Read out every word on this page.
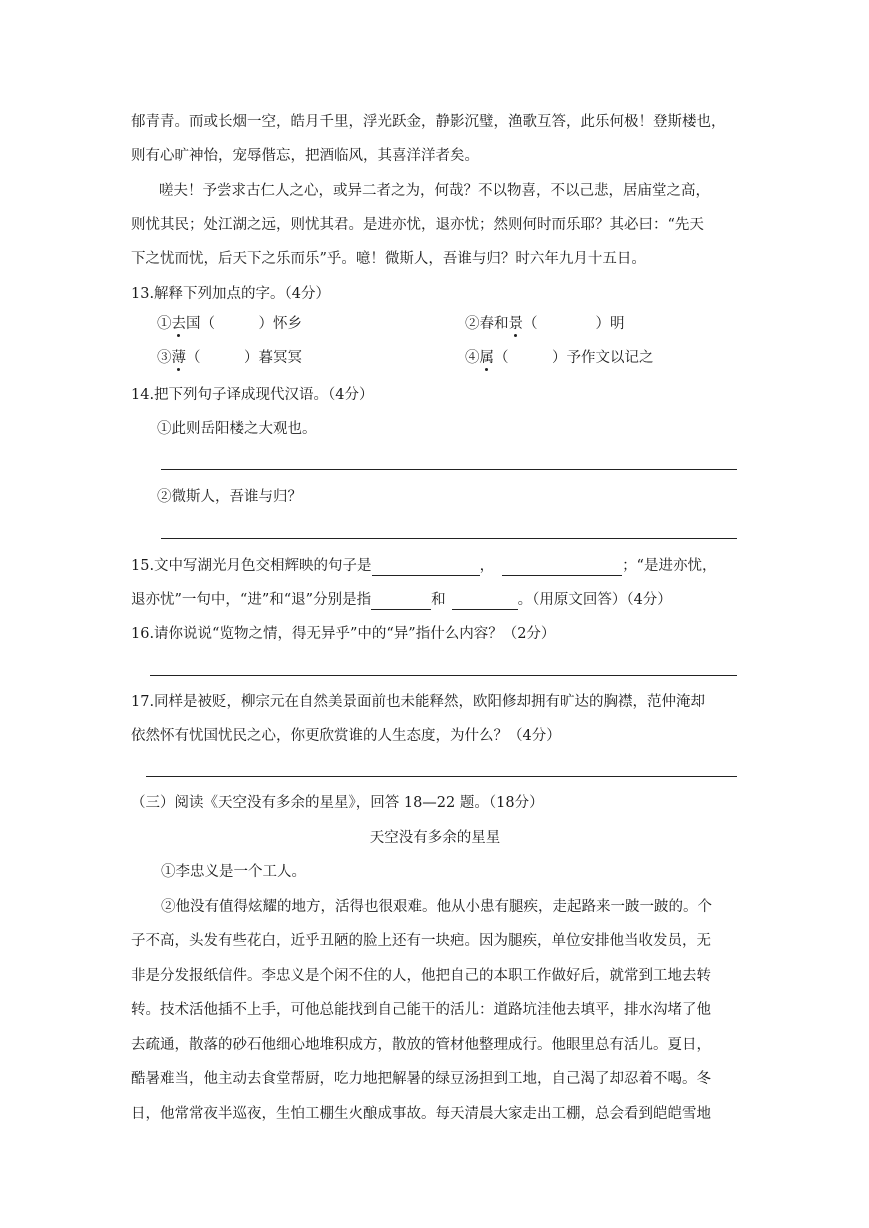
郁青青。而或长烟一空，皓月千里，浮光跃金，静影沉璧，渔歌互答，此乐何极！登斯楼也，
则有心旷神怡，宠辱偕忘，把酒临风，其喜洋洋者矣。
嗟夫！予尝求古仁人之心，或异二者之为，何哉？不以物喜，不以己悲，居庙堂之高，
则忧其民；处江湖之远，则忧其君。是进亦忧，退亦忧；然则何时而乐耶？其必曰：“先天
下之忧而忧，后天下之乐而乐”乎。噫！微斯人，吾谁与归？时六年九月十五日。
13.解释下列加点的字。（4分）
①去国（　　　）怀乡	②春和景（　　　　）明
③薄（　　　）暮冥冥	④属（　　　）予作文以记之
14.把下列句子译成现代汉语。（4分）
①此则岳阳楼之大观也。
②微斯人，吾谁与归？
15.文中写湖光月色交相辉映的句子是	，	；“是进亦忧，
退亦忧”一句中，“进”和“退”分别是指	和	。（用原文回答）（4分）
16.请你说说“览物之情，得无异乎”中的“异”指什么内容？（2分）
17.同样是被贬，柳宗元在自然美景面前也未能释然，欧阳修却拥有旷达的胸襟，范仲淹却
依然怀有忧国忧民之心，你更欣赏谁的人生态度，为什么？（4分）
（三）阅读《天空没有多余的星星》，回答 18—22 题。（18分）
天空没有多余的星星
①李忠义是一个工人。
②他没有值得炫耀的地方，活得也很艰难。他从小患有腿疾，走起路来一跛一跛的。个
子不高，头发有些花白，近乎丑陋的脸上还有一块疤。因为腿疾，单位安排他当收发员，无
非是分发报纸信件。李忠义是个闲不住的人，他把自己的本职工作做好后，就常到工地去转
转。技术活他插不上手，可他总能找到自己能干的活儿：道路坑洼他去填平，排水沟堵了他
去疏通，散落的砂石他细心地堆积成方，散放的管材他整理成行。他眼里总有活儿。夏日，
酷暑难当，他主动去食堂帮厨，吃力地把解暑的绿豆汤担到工地，自己渴了却忍着不喝。冬
日，他常常夜半巡夜，生怕工棚生火酿成事故。每天清晨大家走出工棚，总会看到皑皑雪地
